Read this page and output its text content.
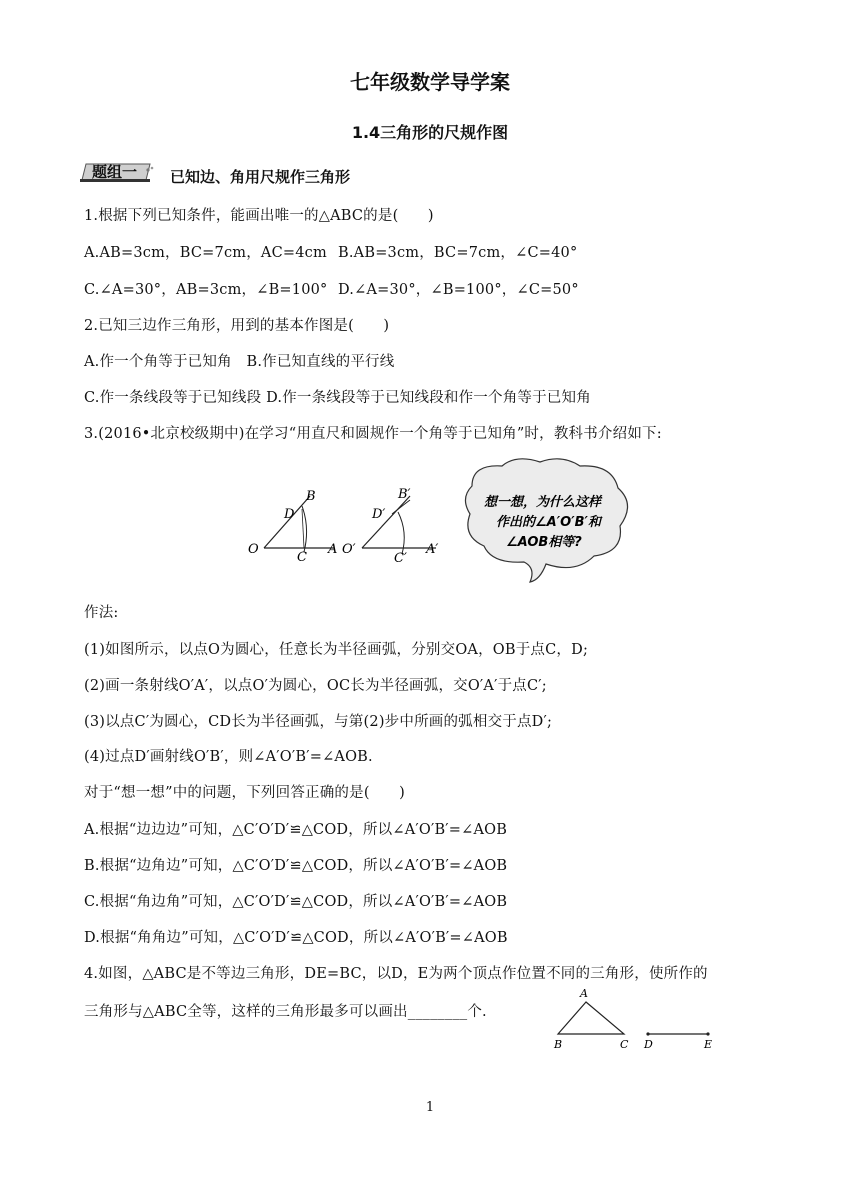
七年级数学导学案
1.4三角形的尺规作图
题组一 已知边、角用尺规作三角形
1.根据下列已知条件，能画出唯一的△ABC的是(　　)
A.AB=3cm，BC=7cm，AC=4cm B.AB=3cm，BC=7cm，∠C=40°
C.∠A=30°，AB=3cm，∠B=100° D.∠A=30°，∠B=100°，∠C=50°
2.已知三边作三角形，用到的基本作图是(　　)
A.作一个角等于已知角　B.作已知直线的平行线
C.作一条线段等于已知线段 D.作一条线段等于已知线段和作一个角等于已知角
3.(2016•北京校级期中)在学习“用直尺和圆规作一个角等于已知角”时，教科书介绍如下:
O	A
B
C
D
O′	A′
B′
C′
D′
想一想，为什么这样
作出的∠A′O′B′和
∠AOB相等?
作法:
(1)如图所示，以点O为圆心，任意长为半径画弧，分别交OA，OB于点C，D;
(2)画一条射线O′A′，以点O′为圆心，OC长为半径画弧，交O′A′于点C′;
(3)以点C′为圆心，CD长为半径画弧，与第(2)步中所画的弧相交于点D′;
(4)过点D′画射线O′B′，则∠A′O′B′=∠AOB.
对于“想一想”中的问题，下列回答正确的是(　　)
A.根据“边边边”可知，△C′O′D′≌△COD，所以∠A′O′B′=∠AOB
B.根据“边角边”可知，△C′O′D′≌△COD，所以∠A′O′B′=∠AOB
C.根据“角边角”可知，△C′O′D′≌△COD，所以∠A′O′B′=∠AOB
D.根据“角角边”可知，△C′O′D′≌△COD，所以∠A′O′B′=∠AOB
4.如图，△ABC是不等边三角形，DE=BC，以D，E为两个顶点作位置不同的三角形，使所作的
三角形与△ABC全等，这样的三角形最多可以画出________个.
A
B	C D	E
1
